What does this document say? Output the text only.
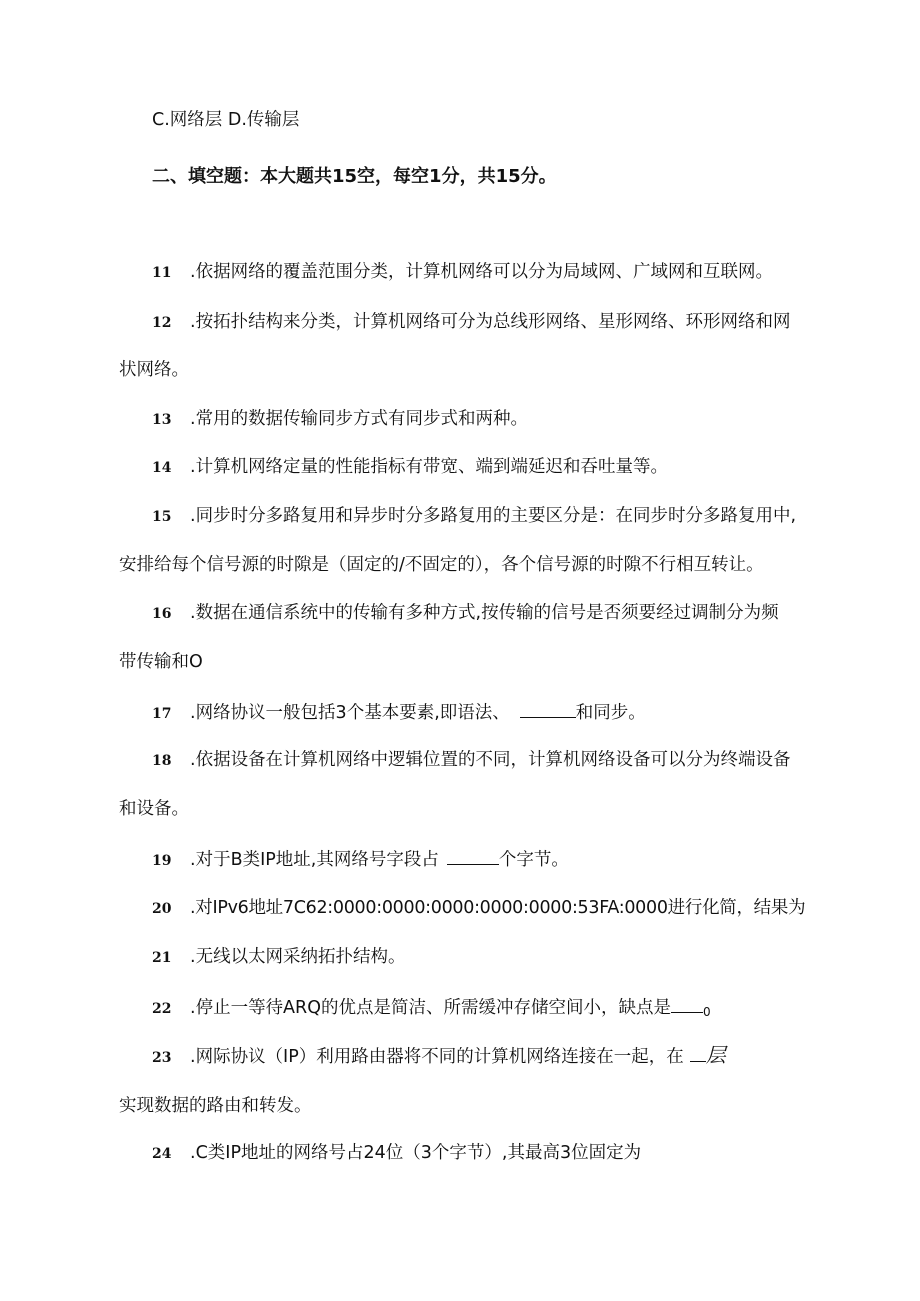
C.网络层 D.传输层
二、填空题：本大题共15空，每空1分，共15分。
11 .依据网络的覆盖范围分类，计算机网络可以分为局域网、广域网和互联网。
12 .按拓扑结构来分类，计算机网络可分为总线形网络、星形网络、环形网络和网
状网络。
13 .常用的数据传输同步方式有同步式和两种。
14 .计算机网络定量的性能指标有带宽、端到端延迟和吞吐量等。
15 .同步时分多路复用和异步时分多路复用的主要区分是：在同步时分多路复用中,
安排给每个信号源的时隙是（固定的/不固定的），各个信号源的时隙不行相互转让。
16 .数据在通信系统中的传输有多种方式,按传输的信号是否须要经过调制分为频
带传输和O
17 .网络协议一般包括3个基本要素,即语法、	和同步。
18 .依据设备在计算机网络中逻辑位置的不同，计算机网络设备可以分为终端设备
和设备。
19 .对于B类IP地址,其网络号字段占	个字节。
20 .对IPv6地址7C62:0000:0000:0000:0000:0000:53FA:0000进行化简，结果为
21 .无线以太网采纳拓扑结构。
22 .停止一等待ARQ的优点是简洁、所需缓冲存储空间小，缺点是	0
23 .网际协议（IP）利用路由器将不同的计算机网络连接在一起，在 层
实现数据的路由和转发。
24 .C类IP地址的网络号占24位（3个字节）,其最高3位固定为
